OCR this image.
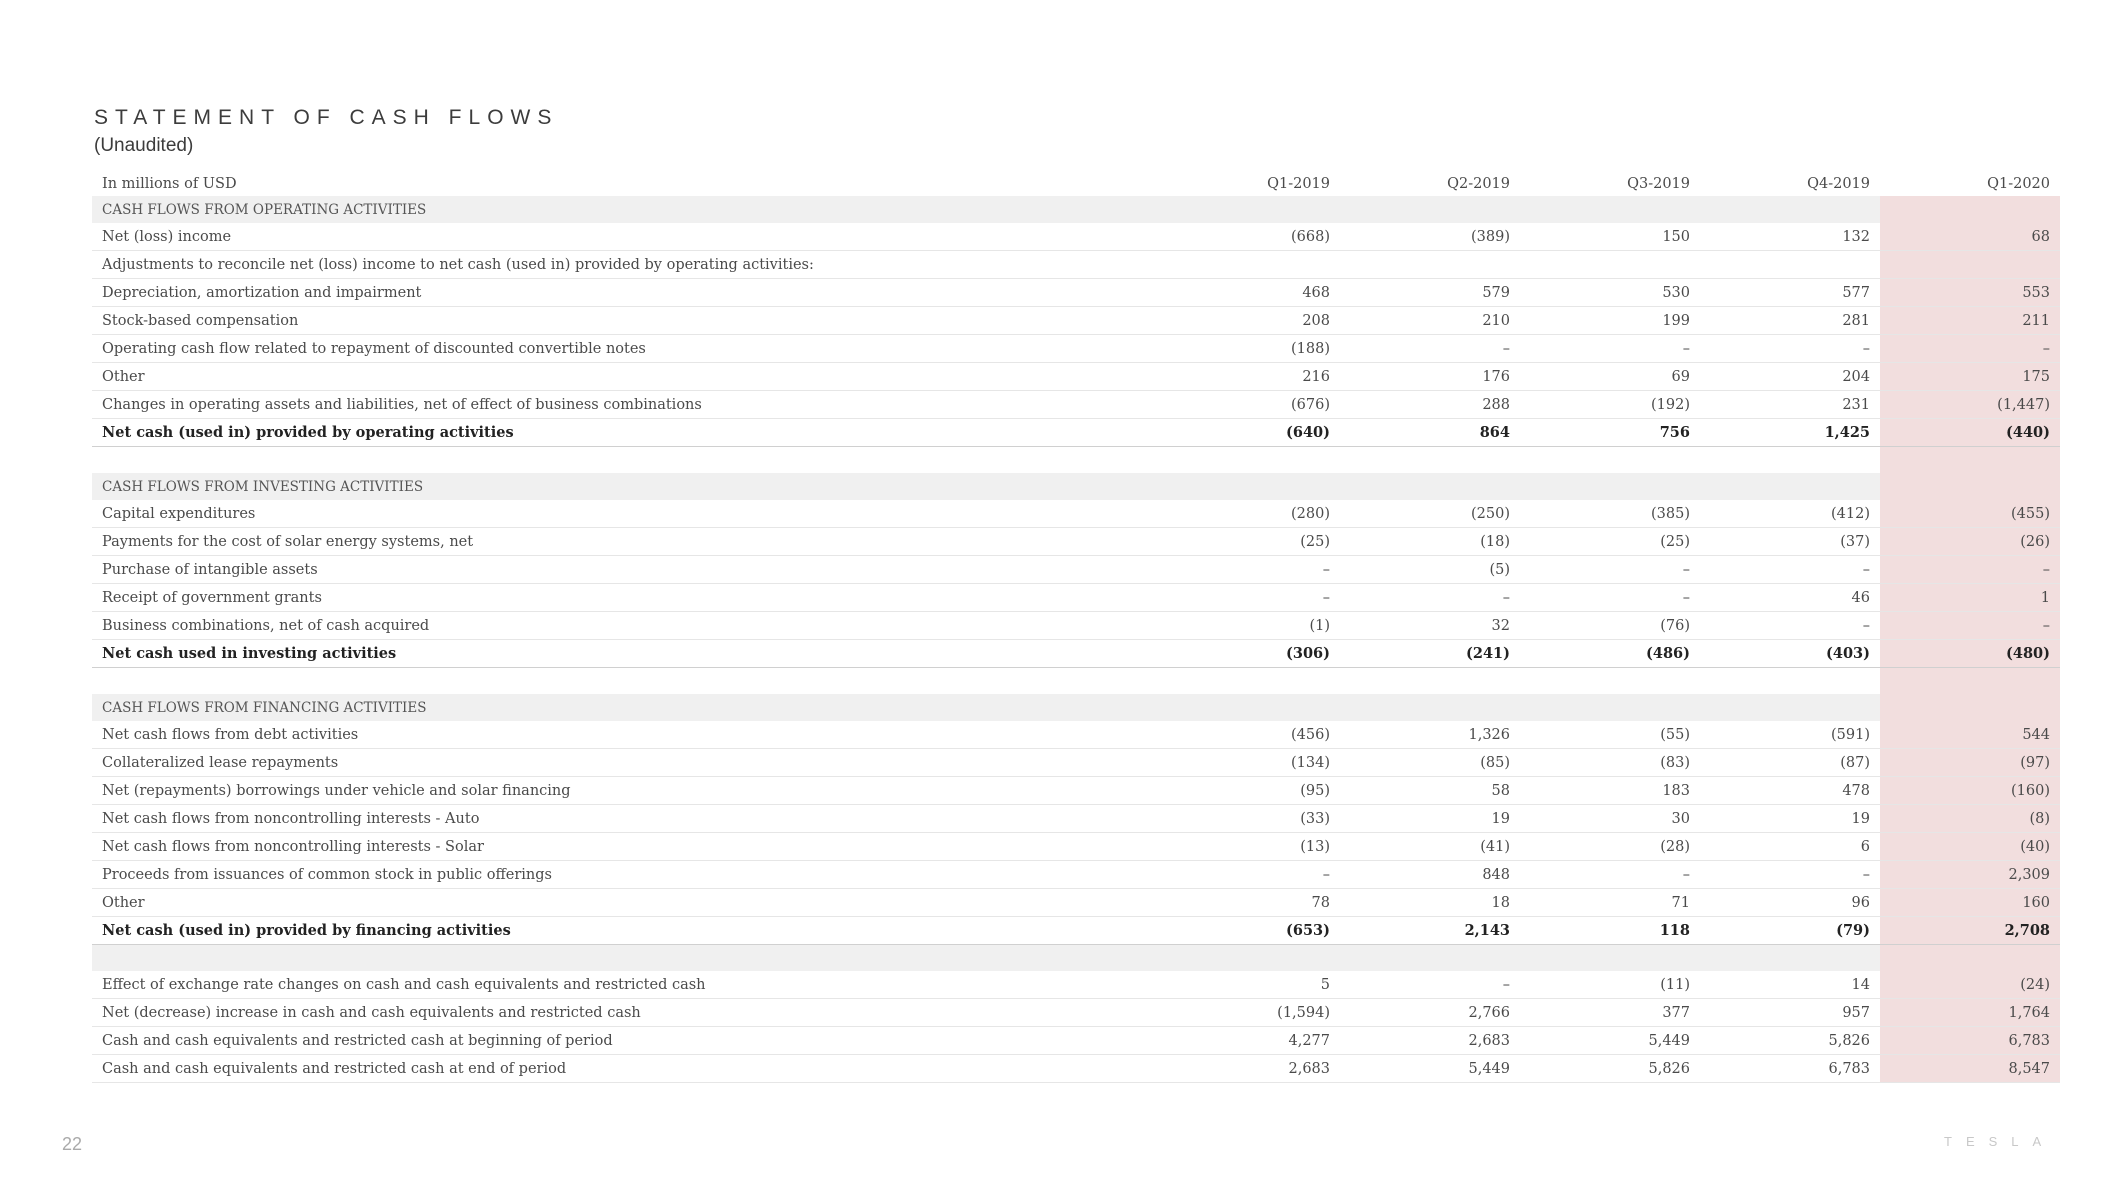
STATEMENT OF CASH FLOWS
(Unaudited)
In millions of USD	Q1-2019	Q2-2019	Q3-2019	Q4-2019	Q1-2020
CASH FLOWS FROM OPERATING ACTIVITIES					
Net (loss) income	(668)	(389)	150	132	68
Adjustments to reconcile net (loss) income to net cash (used in) provided by operating activities:					
Depreciation, amortization and impairment	468	579	530	577	553
Stock-based compensation	208	210	199	281	211
Operating cash flow related to repayment of discounted convertible notes	(188)	–	–	–	–
Other	216	176	69	204	175
Changes in operating assets and liabilities, net of effect of business combinations	(676)	288	(192)	231	(1,447)
Net cash (used in) provided by operating activities	(640)	864	756	1,425	(440)

CASH FLOWS FROM INVESTING ACTIVITIES					
Capital expenditures	(280)	(250)	(385)	(412)	(455)
Payments for the cost of solar energy systems, net	(25)	(18)	(25)	(37)	(26)
Purchase of intangible assets	–	(5)	–	–	–
Receipt of government grants	–	–	–	46	1
Business combinations, net of cash acquired	(1)	32	(76)	–	–
Net cash used in investing activities	(306)	(241)	(486)	(403)	(480)

CASH FLOWS FROM FINANCING ACTIVITIES					
Net cash flows from debt activities	(456)	1,326	(55)	(591)	544
Collateralized lease repayments	(134)	(85)	(83)	(87)	(97)
Net (repayments) borrowings under vehicle and solar financing	(95)	58	183	478	(160)
Net cash flows from noncontrolling interests - Auto	(33)	19	30	19	(8)
Net cash flows from noncontrolling interests - Solar	(13)	(41)	(28)	6	(40)
Proceeds from issuances of common stock in public offerings	–	848	–	–	2,309
Other	78	18	71	96	160
Net cash (used in) provided by financing activities	(653)	2,143	118	(79)	2,708

Effect of exchange rate changes on cash and cash equivalents and restricted cash	5	–	(11)	14	(24)
Net (decrease) increase in cash and cash equivalents and restricted cash	(1,594)	2,766	377	957	1,764
Cash and cash equivalents and restricted cash at beginning of period	4,277	2,683	5,449	5,826	6,783
Cash and cash equivalents and restricted cash at end of period	2,683	5,449	5,826	6,783	8,547
22	TESLA
